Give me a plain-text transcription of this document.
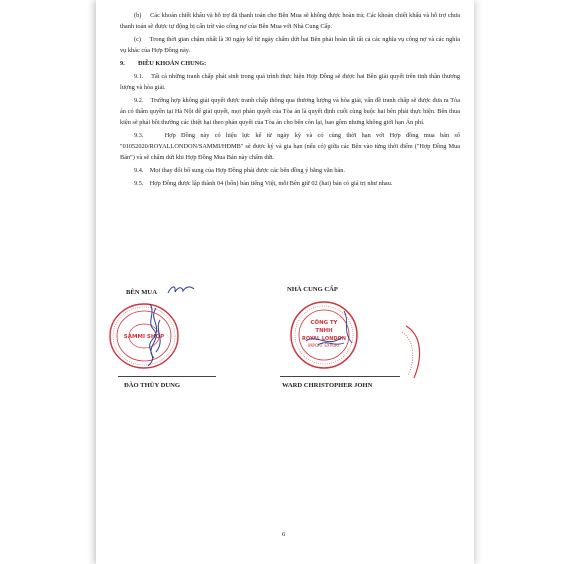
(b)     Các khoản chiết khấu và hỗ trợ đã thanh toán cho Bên Mua sẽ không được hoàn trả; Các khoản chiết khấu và hỗ trợ chưa thanh toán sẽ được tự động bị cấn trừ vào công nợ của Bên Mua với Nhà Cung Cấp.

(c)     Trong thời gian chậm nhất là 30 ngày kể từ ngày chấm dứt hai Bên phải hoàn tất tất cả các nghĩa vụ công nợ và các nghĩa vụ khác của Hợp Đồng này.

9. ĐIỀU KHOẢN CHUNG:

9.1.    Tất cả những tranh chấp phát sinh trong quá trình thực hiện Hợp Đồng sẽ được hai Bên giải quyết trên tinh thần thương lượng và hòa giải.

9.2.    Trường hợp không giải quyết được tranh chấp thông qua thương lượng và hòa giải, vấn đề tranh chấp sẽ được đưa ra Tòa án có thẩm quyền tại Hà Nội để giải quyết, mọi phán quyết của Tòa án là quyết định cuối cùng buộc hai bên phải thực hiện. Bên thua kiện sẽ phải bồi thường các thiệt hại theo phán quyết của Tòa án cho bên còn lại, bao gồm nhưng không giới hạn Án phí.

9.3.    Hợp Đồng này có hiệu lực kể từ ngày ký và có cùng thời hạn với Hợp đồng mua bán số "01052020/ROYALLONDON/SAMMI/HĐMB" sẽ được ký và gia hạn (nếu có) giữa các Bên vào từng thời điểm ("Hợp Đồng Mua Bán") và sẽ chấm dứt khi Hợp Đồng Mua Bán này chấm dứt.

9.4.    Mọi thay đổi bổ sung của Hợp Đồng phải được các bên đồng ý bằng văn bản.

9.5.    Hợp Đồng được lập thành 04 (bốn) bản tiếng Việt, mỗi Bên giữ 02 (hai) bản có giá trị như nhau.

BÊN MUA
SAMMI SHOP
ĐÀO THÙY DUNG
NHÀ CUNG CẤP
CÔNG TY
TNHH
ROYAL LONDON
IMPORT EXPORT
WARD CHRISTOPHER JOHN
6
